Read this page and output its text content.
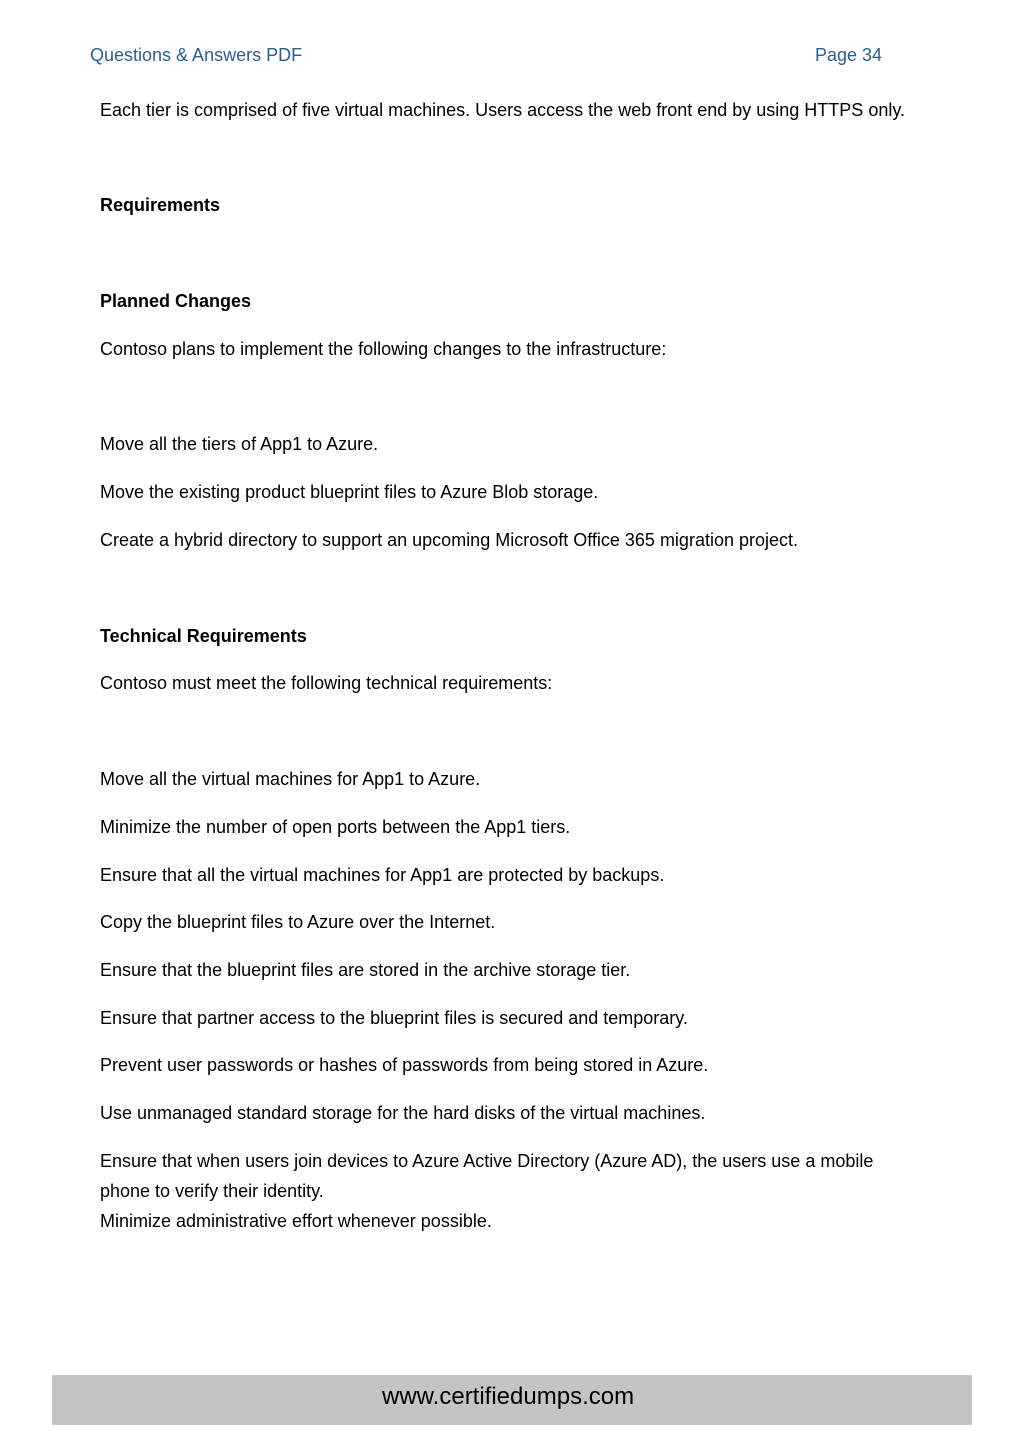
Questions & Answers PDF	Page 34
Each tier is comprised of five virtual machines. Users access the web front end by using HTTPS only.
Requirements
Planned Changes
Contoso plans to implement the following changes to the infrastructure:
Move all the tiers of App1 to Azure.
Move the existing product blueprint files to Azure Blob storage.
Create a hybrid directory to support an upcoming Microsoft Office 365 migration project.
Technical Requirements
Contoso must meet the following technical requirements:
Move all the virtual machines for App1 to Azure.
Minimize the number of open ports between the App1 tiers.
Ensure that all the virtual machines for App1 are protected by backups.
Copy the blueprint files to Azure over the Internet.
Ensure that the blueprint files are stored in the archive storage tier.
Ensure that partner access to the blueprint files is secured and temporary.
Prevent user passwords or hashes of passwords from being stored in Azure.
Use unmanaged standard storage for the hard disks of the virtual machines.
Ensure that when users join devices to Azure Active Directory (Azure AD), the users use a mobile
phone to verify their identity.
Minimize administrative effort whenever possible.
www.certifiedumps.com
